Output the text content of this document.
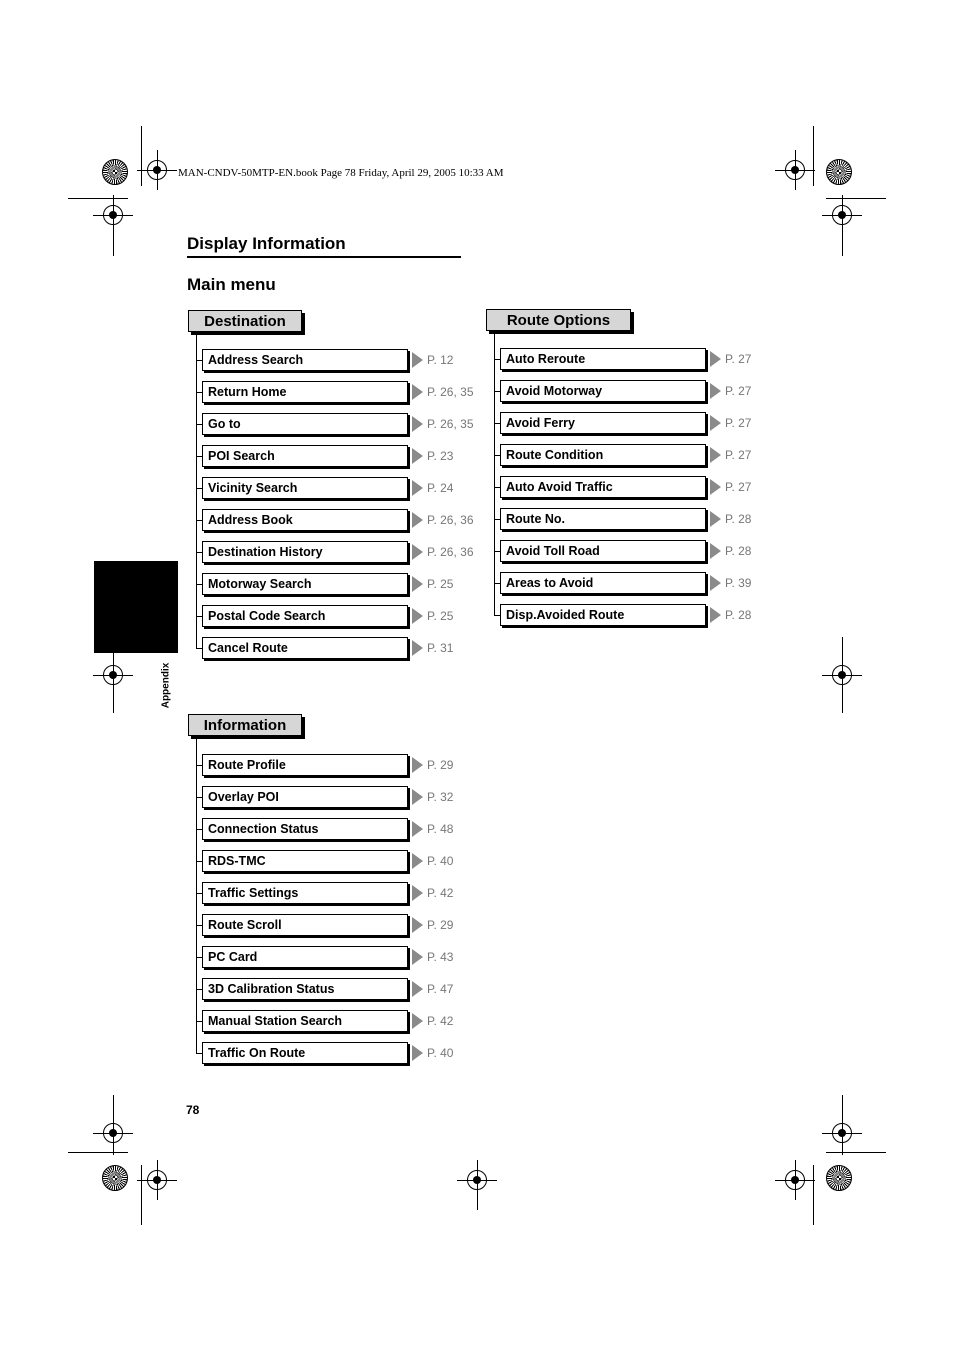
MAN-CNDV-50MTP-EN.book Page 78 Friday, April 29, 2005 10:33 AM
Display Information
Main menu
Appendix
78
Destination
Address Search	P. 12
Return Home	P. 26, 35
Go to	P. 26, 35
POI Search	P. 23
Vicinity Search	P. 24
Address Book	P. 26, 36
Destination History	P. 26, 36
Motorway Search	P. 25
Postal Code Search	P. 25
Cancel Route	P. 31
Route Options
Auto Reroute	P. 27
Avoid Motorway	P. 27
Avoid Ferry	P. 27
Route Condition	P. 27
Auto Avoid Traffic	P. 27
Route No.	P. 28
Avoid Toll Road	P. 28
Areas to Avoid	P. 39
Disp.Avoided Route	P. 28
Information
Route Profile	P. 29
Overlay POI	P. 32
Connection Status	P. 48
RDS-TMC	P. 40
Traffic Settings	P. 42
Route Scroll	P. 29
PC Card	P. 43
3D Calibration Status	P. 47
Manual Station Search	P. 42
Traffic On Route	P. 40
